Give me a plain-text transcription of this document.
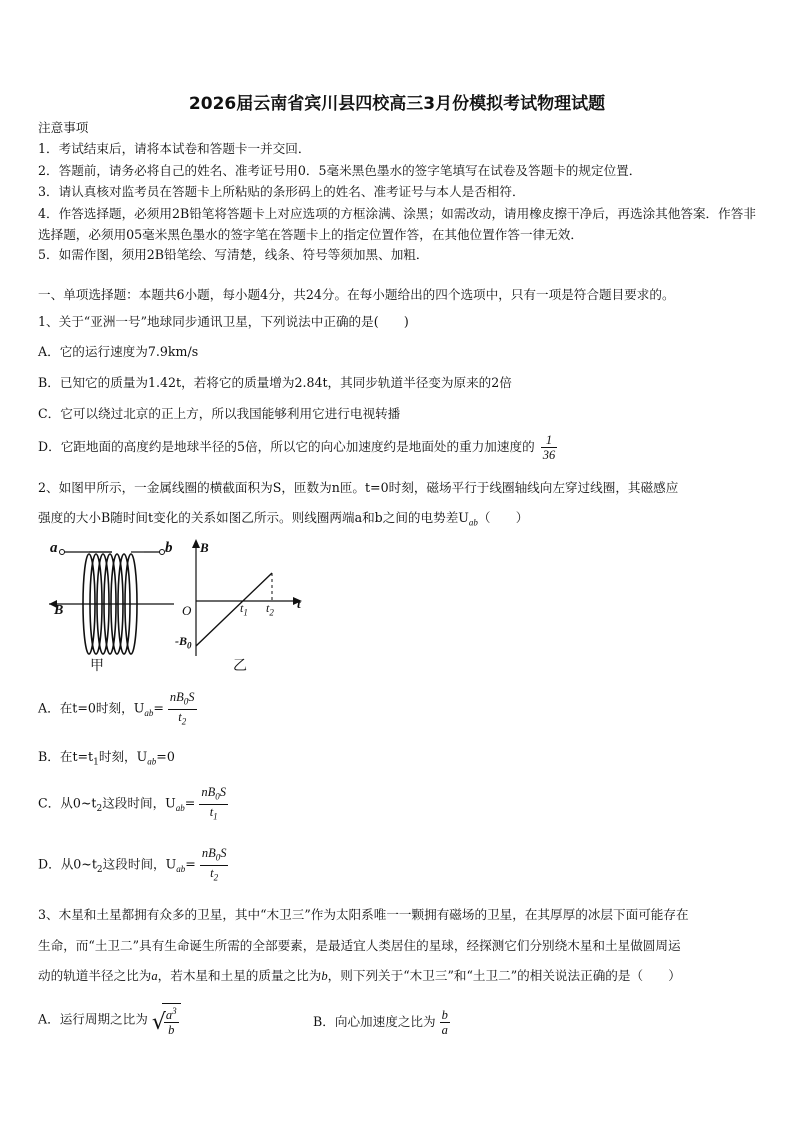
2026届云南省宾川县四校高三3月份模拟考试物理试题
注意事项
1．考试结束后，请将本试卷和答题卡一并交回．
2．答题前，请务必将自己的姓名、准考证号用0．5毫米黑色墨水的签字笔填写在试卷及答题卡的规定位置．
3．请认真核对监考员在答题卡上所粘贴的条形码上的姓名、准考证号与本人是否相符．
4．作答选择题，必须用2B铅笔将答题卡上对应选项的方框涂满、涂黑；如需改动，请用橡皮擦干净后，再选涂其他答案．作答非选择题，必须用05毫米黑色墨水的签字笔在答题卡上的指定位置作答，在其他位置作答一律无效．
5．如需作图，须用2B铅笔绘、写清楚，线条、符号等须加黑、加粗．
一、单项选择题：本题共6小题，每小题4分，共24分。在每小题给出的四个选项中，只有一项是符合题目要求的。
1、关于“亚洲一号”地球同步通讯卫星，下列说法中正确的是(　　)
A．它的运行速度为7.9km/s
B．已知它的质量为1.42t，若将它的质量增为2.84t，其同步轨道半径变为原来的2倍
C．它可以绕过北京的正上方，所以我国能够利用它进行电视转播
D．它距地面的高度约是地球半径的5倍，所以它的向心加速度约是地面处的重力加速度的 $\frac{1}{36}$
2、如图甲所示，一金属线圈的横截面积为S，匝数为n匝。t=0时刻，磁场平行于线圈轴线向左穿过线圈，其磁感应
强度的大小B随时间t变化的关系如图乙所示。则线圈两端a和b之间的电势差$U_{ab}$（　　）
a	b
B
甲
B
O	t
$t_1$ $t_2$
$-B_0$
乙
A．在t=0时刻，$U_{ab}= \frac{nB_0S}{t_2}$
B．在$t=t_1$时刻，$U_{ab}=0$
C．从$0\sim t_2$这段时间，$U_{ab}= \frac{nB_0S}{t_1}$
D．从$0\sim t_2$这段时间，$U_{ab}= \frac{nB_0S}{t_2}$
3、木星和土星都拥有众多的卫星，其中“木卫三”作为太阳系唯一一颗拥有磁场的卫星，在其厚厚的冰层下面可能存在
生命，而“土卫二”具有生命诞生所需的全部要素，是最适宜人类居住的星球，经探测它们分别绕木星和土星做圆周运
动的轨道半径之比为a，若木星和土星的质量之比为b，则下列关于“木卫三”和“土卫二”的相关说法正确的是（　　）
A．运行周期之比为 √
$\frac{a^3}{b}$	B．向心加速度之比为 $\frac{b}{a}$
